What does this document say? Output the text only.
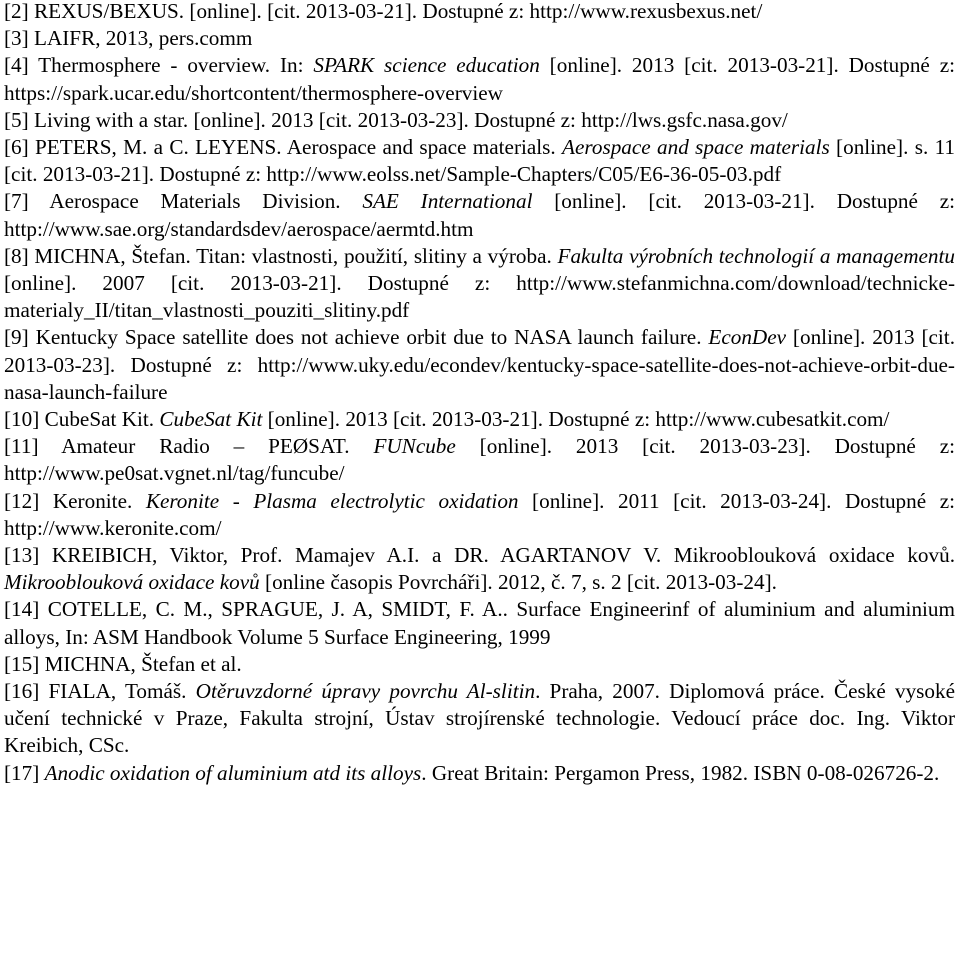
[2] REXUS/BEXUS. [online]. [cit. 2013-03-21]. Dostupné z: http://www.rexusbexus.net/

[3] LAIFR, 2013, pers.comm

[4] Thermosphere - overview. In: SPARK science education [online]. 2013 [cit. 2013-03-21]. Dostupné z: https://spark.ucar.edu/shortcontent/thermosphere-overview

[5] Living with a star. [online]. 2013 [cit. 2013-03-23]. Dostupné z: http://lws.gsfc.nasa.gov/

[6] PETERS, M. a C. LEYENS. Aerospace and space materials. Aerospace and space materials [online]. s. 11 [cit. 2013-03-21]. Dostupné z: http://www.eolss.net/Sample-Chapters/C05/E6-36-05-03.pdf

[7] Aerospace Materials Division. SAE International [online]. [cit. 2013-03-21]. Dostupné z: http://www.sae.org/standardsdev/aerospace/aermtd.htm

[8] MICHNA, Štefan. Titan: vlastnosti, použití, slitiny a výroba. Fakulta výrobních technologií a managementu [online]. 2007 [cit. 2013-03-21]. Dostupné z: http://www.stefanmichna.com/download/technicke-materialy_II/titan_vlastnosti_pouziti_slitiny.pdf

[9] Kentucky Space satellite does not achieve orbit due to NASA launch failure. EconDev [online]. 2013 [cit. 2013-03-23]. Dostupné z: http://www.uky.edu/econdev/kentucky-space-satellite-does-not-achieve-orbit-due-nasa-launch-failure

[10] CubeSat Kit. CubeSat Kit [online]. 2013 [cit. 2013-03-21]. Dostupné z: http://www.cubesatkit.com/

[11] Amateur Radio – PEØSAT. FUNcube [online]. 2013 [cit. 2013-03-23]. Dostupné z: http://www.pe0sat.vgnet.nl/tag/funcube/

[12] Keronite. Keronite - Plasma electrolytic oxidation [online]. 2011 [cit. 2013-03-24]. Dostupné z: http://www.keronite.com/

[13] KREIBICH, Viktor, Prof. Mamajev A.I. a DR. AGARTANOV V. Mikrooblouková oxidace kovů. Mikrooblouková oxidace kovů [online časopis Povrcháři]. 2012, č. 7, s. 2 [cit. 2013-03-24].

[14] COTELLE, C. M., SPRAGUE, J. A, SMIDT, F. A.. Surface Engineerinf of aluminium and aluminium alloys, In: ASM Handbook Volume 5 Surface Engineering, 1999

[15] MICHNA, Štefan et al.

[16] FIALA, Tomáš. Otěruvzdorné úpravy povrchu Al-slitin. Praha, 2007. Diplomová práce. České vysoké učení technické v Praze, Fakulta strojní, Ústav strojírenské technologie. Vedoucí práce doc. Ing. Viktor Kreibich, CSc.

[17] Anodic oxidation of aluminium atd its alloys. Great Britain: Pergamon Press, 1982. ISBN 0-08-026726-2.
